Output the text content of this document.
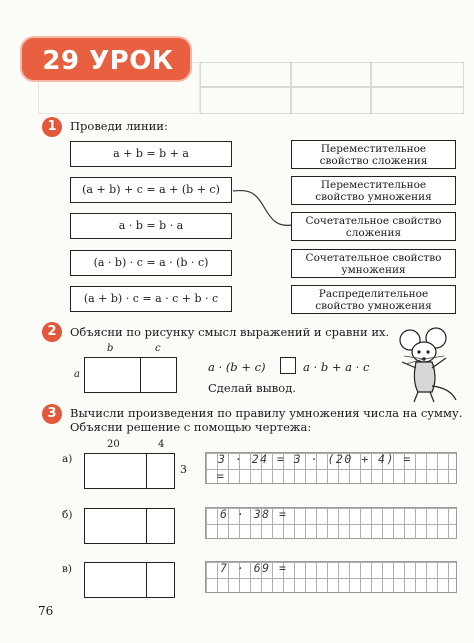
29 УРОК
1	Проведи линии:
a + b = b + a
(a + b) + c = a + (b + c)
a · b = b · a
(a · b) · c = a · (b · c)
(a + b) · c = a · c + b · c
Переместительное
свойство сложения
Переместительное
свойство умножения
Сочетательное свойство
сложения
Сочетательное свойство
умножения
Распределительное
свойство умножения
2	Объясни по рисунку смысл выражений и сравни их.
b	c
a
a · (b + c)	a · b + a · c
Сделай вывод.
3	Вычисли произведения по правилу умножения числа на сумму.
Объясни решение с помощью чертежа:
а)
20	4
3
3 · 24 = 3 · (20 + 4) =
=
б)	6 · 38 =
в)	7 · 69 =
76
